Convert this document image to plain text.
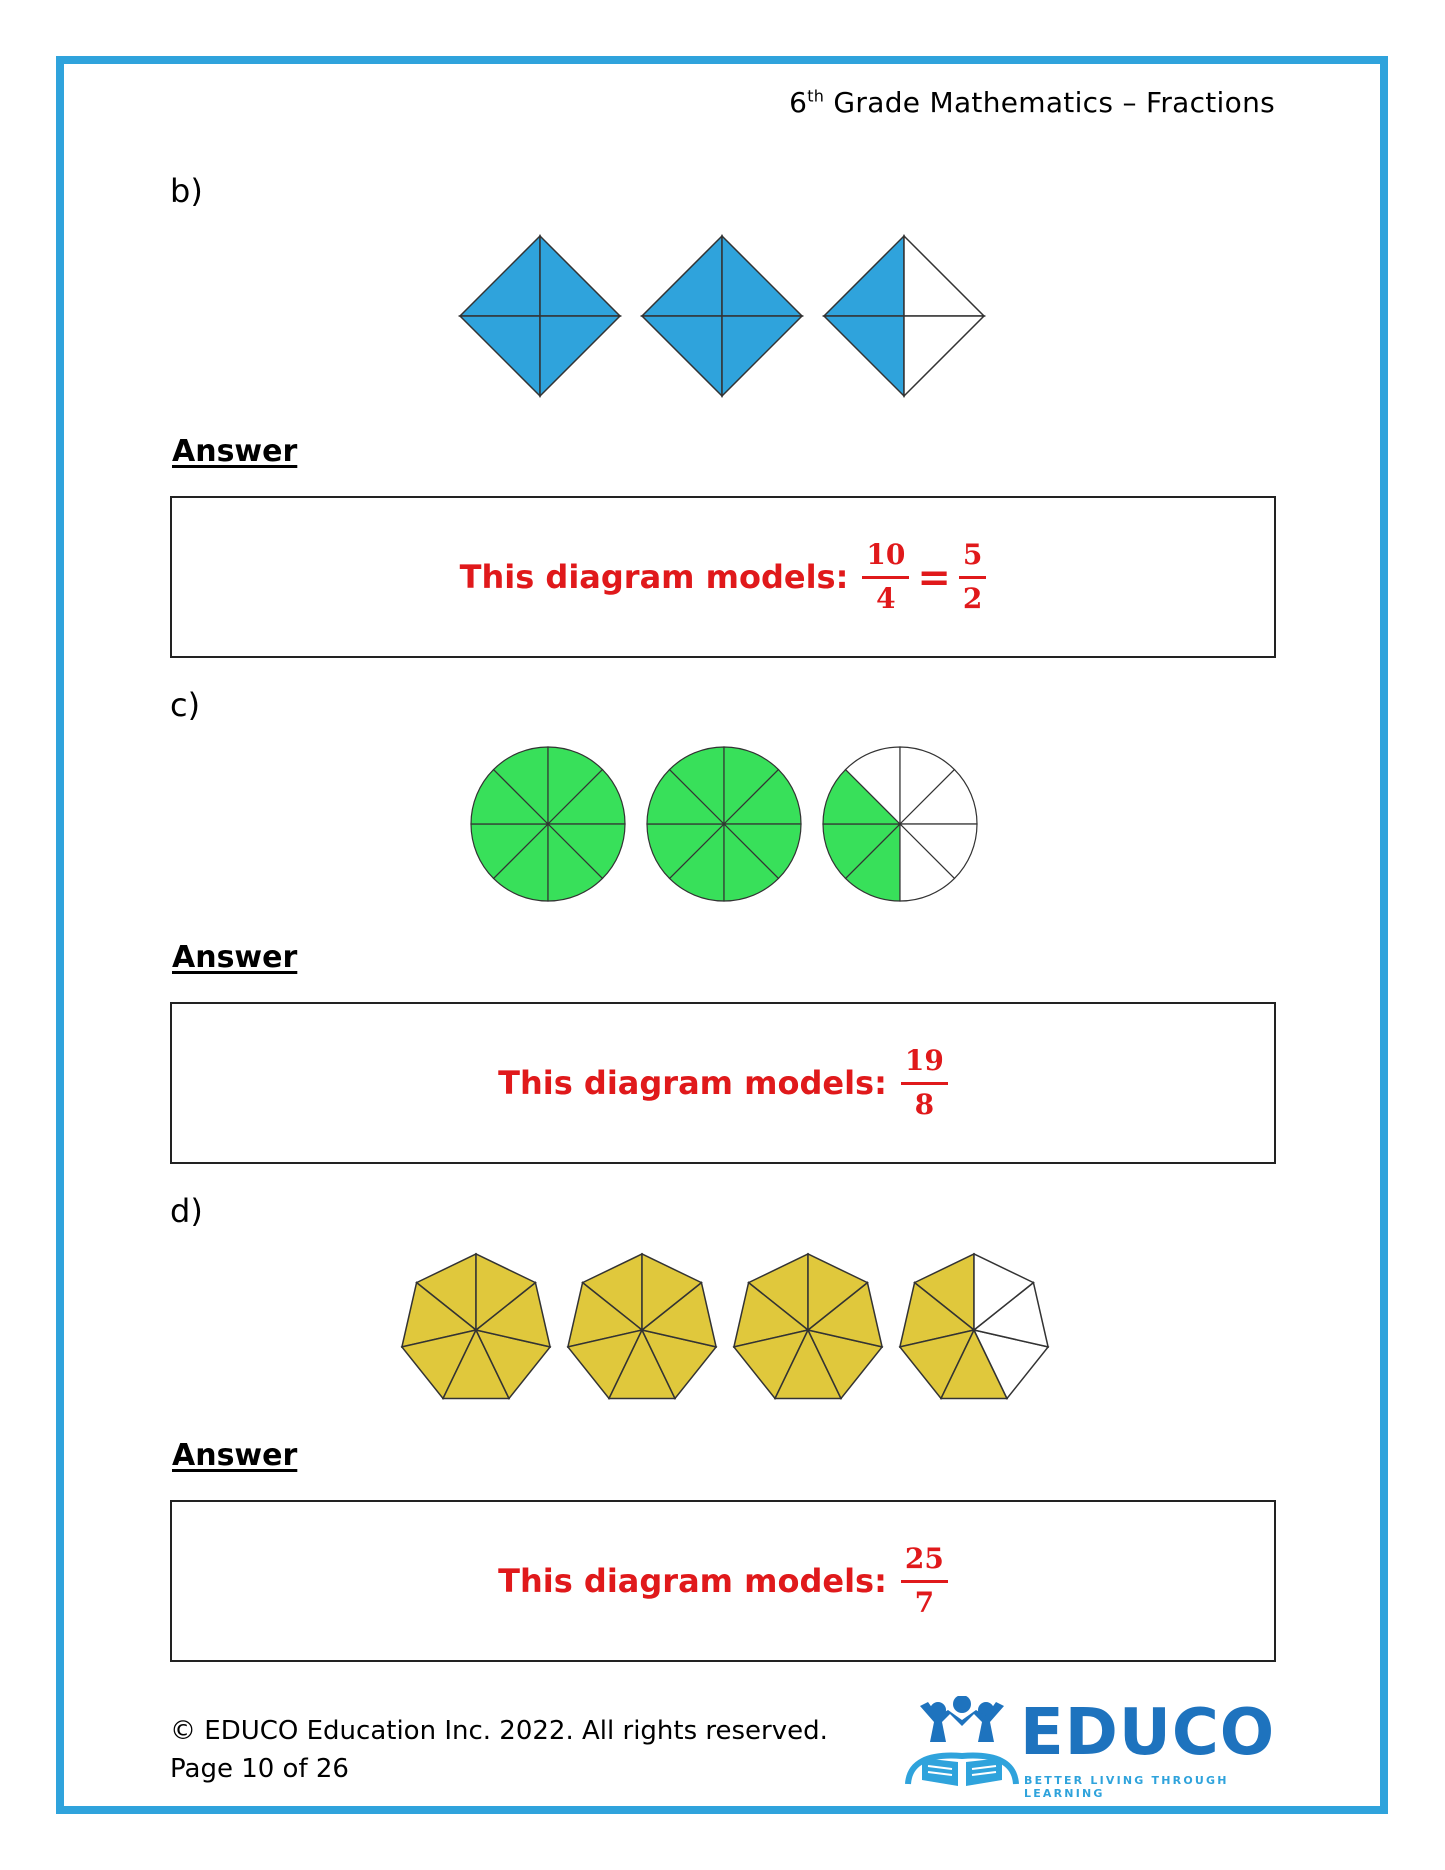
6th Grade Mathematics – Fractions
b)
Answer
This diagram models: $\frac{10}{4} = \frac{5}{2}$
c)
Answer
This diagram models: $\frac{19}{8}$
d)
Answer
This diagram models: $\frac{25}{7}$
© EDUCO Education Inc. 2022. All rights reserved.
Page 10 of 26	EDUCO
BETTER LIVING THROUGH LEARNING
